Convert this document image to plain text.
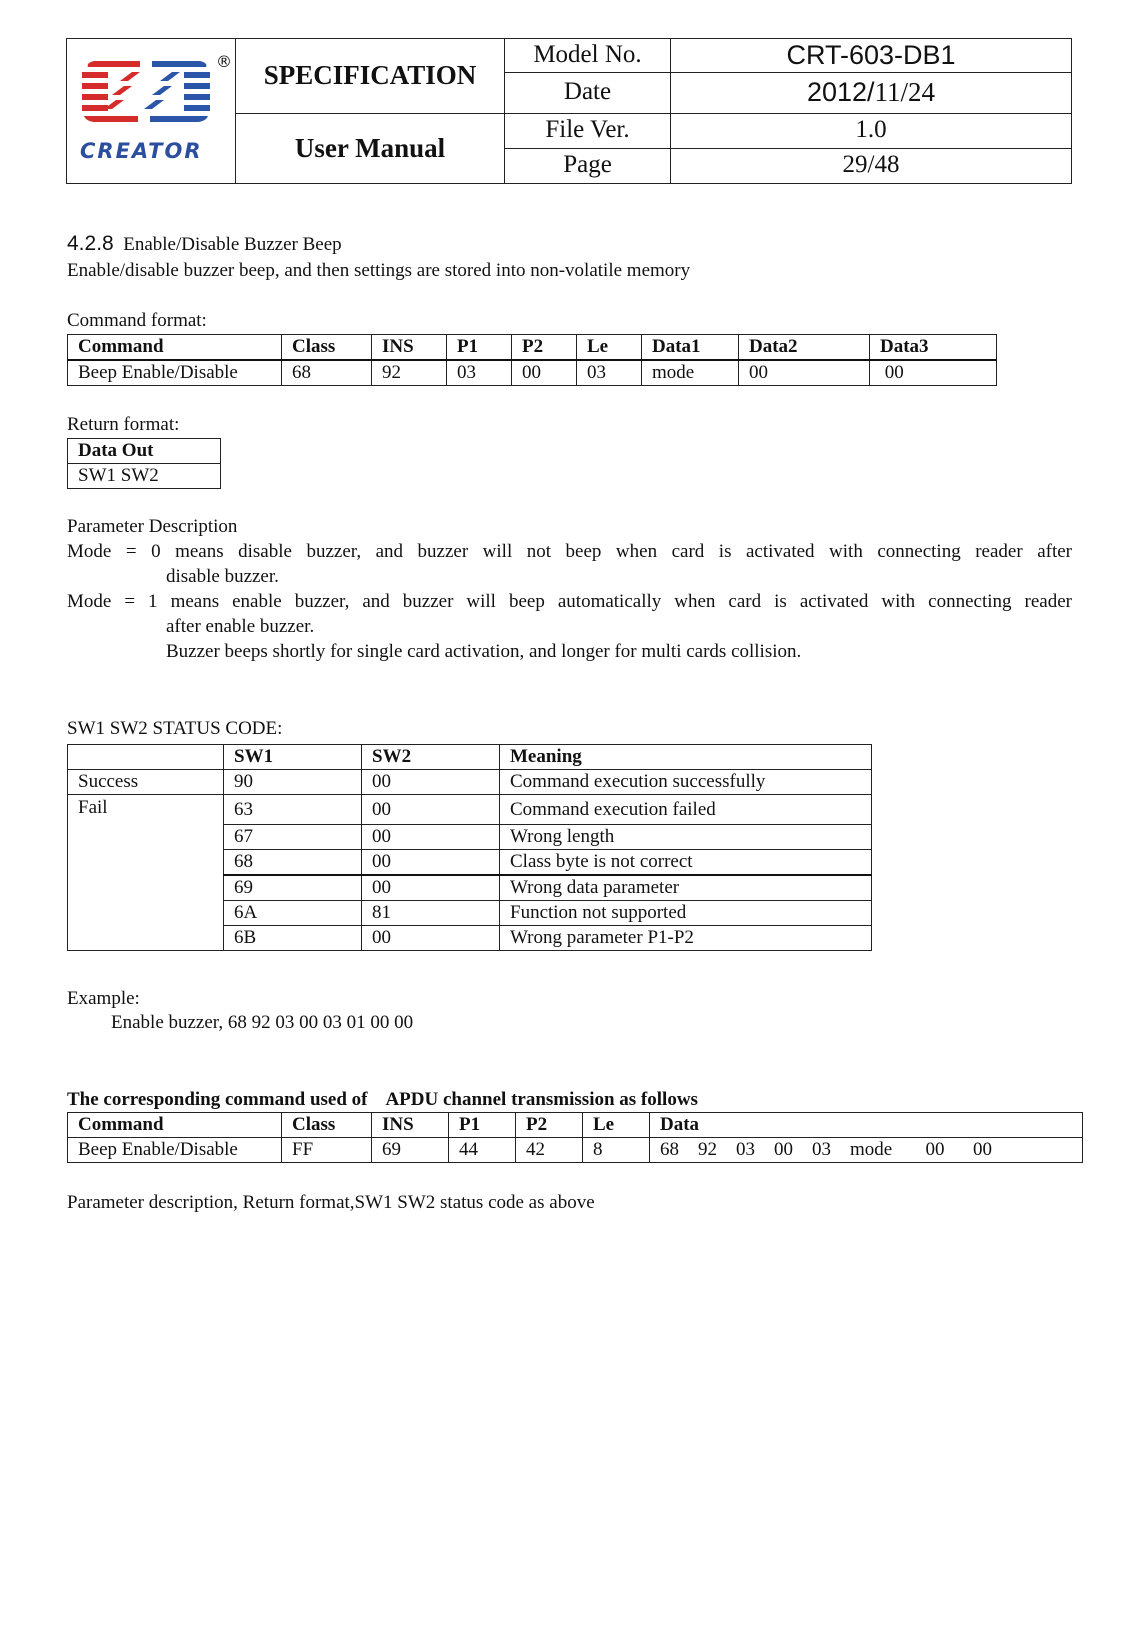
®
CREATOR	SPECIFICATION	Model No.	CRT-603-DB1
		Date	2012/11/24
	User Manual	File Ver.	1.0
		Page	29/48
4.2.8 Enable/Disable Buzzer Beep
Enable/disable buzzer beep, and then settings are stored into non-volatile memory
Command format:
Command	Class	INS	P1	P2	Le	Data1	Data2	Data3
Beep Enable/Disable	68	92	03	00	03	mode	00	00
Return format:
Data Out
SW1 SW2
Parameter Description
Mode = 0 means disable buzzer, and buzzer will not beep when card is activated with connecting reader after
disable buzzer.
Mode = 1 means enable buzzer, and buzzer will beep automatically when card is activated with connecting reader
after enable buzzer.
Buzzer beeps shortly for single card activation, and longer for multi cards collision.
SW1 SW2 STATUS CODE:
	SW1	SW2	Meaning
Success	90	00	Command execution successfully
Fail	63	00	Command execution failed
	67	00	Wrong length
	68	00	Class byte is not correct
	69	00	Wrong data parameter
	6A	81	Function not supported
	6B	00	Wrong parameter P1-P2
Example:
Enable buzzer, 68 92 03 00 03 01 00 00
The corresponding command used of    APDU channel transmission as follows
Command	Class	INS	P1	P2	Le	Data
Beep Enable/Disable	FF	69	44	42	8	68    92    03    00    03    mode       00      00
Parameter description, Return format,SW1 SW2 status code as above
